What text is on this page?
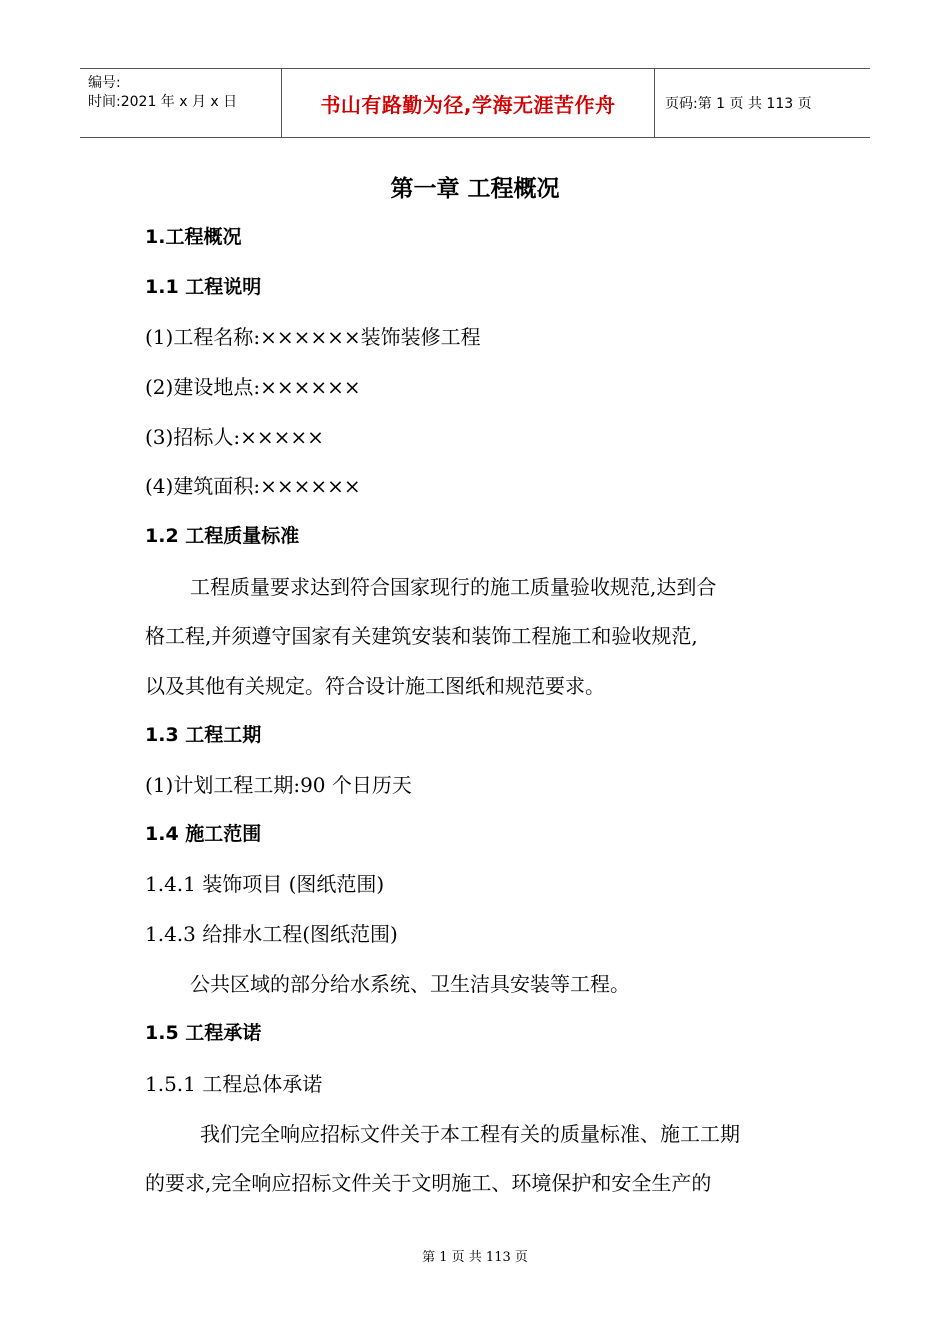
编号:
时间:2021 年 x 月 x 日	书山有路勤为径,学海无涯苦作舟	页码:第 1 页 共 113 页
第一章 工程概况
1.工程概况
1.1 工程说明
(1)工程名称:××××××装饰装修工程
(2)建设地点:××××××
(3)招标人:×××××
(4)建筑面积:××××××
1.2 工程质量标准
工程质量要求达到符合国家现行的施工质量验收规范,达到合
格工程,并须遵守国家有关建筑安装和装饰工程施工和验收规范,
以及其他有关规定。符合设计施工图纸和规范要求。
1.3 工程工期
(1)计划工程工期:90 个日历天
1.4 施工范围
1.4.1 装饰项目 (图纸范围)
1.4.3 给排水工程(图纸范围)
公共区域的部分给水系统、卫生洁具安装等工程。
1.5 工程承诺
1.5.1 工程总体承诺
我们完全响应招标文件关于本工程有关的质量标准、施工工期
的要求,完全响应招标文件关于文明施工、环境保护和安全生产的
第 1 页 共 113 页
